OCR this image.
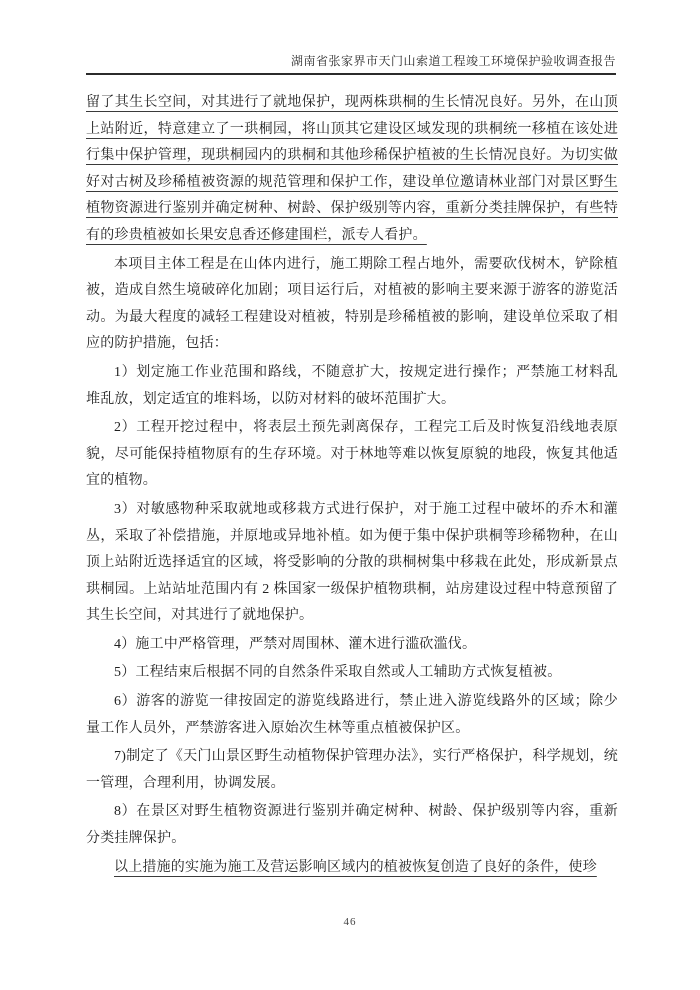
湖南省张家界市天门山索道工程竣工环境保护验收调查报告

留了其生长空间，对其进行了就地保护，现两株珙桐的生长情况良好。另外，在山顶上站附近，特意建立了一珙桐园，将山顶其它建设区域发现的珙桐统一移植在该处进行集中保护管理，现珙桐园内的珙桐和其他珍稀保护植被的生长情况良好。为切实做好对古树及珍稀植被资源的规范管理和保护工作，建设单位邀请林业部门对景区野生植物资源进行鉴别并确定树种、树龄、保护级别等内容，重新分类挂牌保护，有些特有的珍贵植被如长果安息香还修建围栏，派专人看护。

本项目主体工程是在山体内进行，施工期除工程占地外，需要砍伐树木，铲除植被，造成自然生境破碎化加剧；项目运行后，对植被的影响主要来源于游客的游览活动。为最大程度的减轻工程建设对植被，特别是珍稀植被的影响，建设单位采取了相应的防护措施，包括：

1）划定施工作业范围和路线，不随意扩大，按规定进行操作；严禁施工材料乱堆乱放，划定适宜的堆料场，以防对材料的破坏范围扩大。

2）工程开挖过程中，将表层土预先剥离保存，工程完工后及时恢复沿线地表原貌，尽可能保持植物原有的生存环境。对于林地等难以恢复原貌的地段，恢复其他适宜的植物。

3）对敏感物种采取就地或移栽方式进行保护，对于施工过程中破坏的乔木和灌丛，采取了补偿措施，并原地或异地补植。如为便于集中保护珙桐等珍稀物种，在山顶上站附近选择适宜的区域，将受影响的分散的珙桐树集中移栽在此处，形成新景点珙桐园。上站站址范围内有 2 株国家一级保护植物珙桐，站房建设过程中特意预留了其生长空间，对其进行了就地保护。

4）施工中严格管理，严禁对周围林、灌木进行滥砍滥伐。

5）工程结束后根据不同的自然条件采取自然或人工辅助方式恢复植被。

6）游客的游览一律按固定的游览线路进行，禁止进入游览线路外的区域；除少量工作人员外，严禁游客进入原始次生林等重点植被保护区。

7)制定了《天门山景区野生动植物保护管理办法》，实行严格保护，科学规划，统一管理，合理利用，协调发展。

8）在景区对野生植物资源进行鉴别并确定树种、树龄、保护级别等内容，重新分类挂牌保护。

以上措施的实施为施工及营运影响区域内的植被恢复创造了良好的条件，使珍

46
